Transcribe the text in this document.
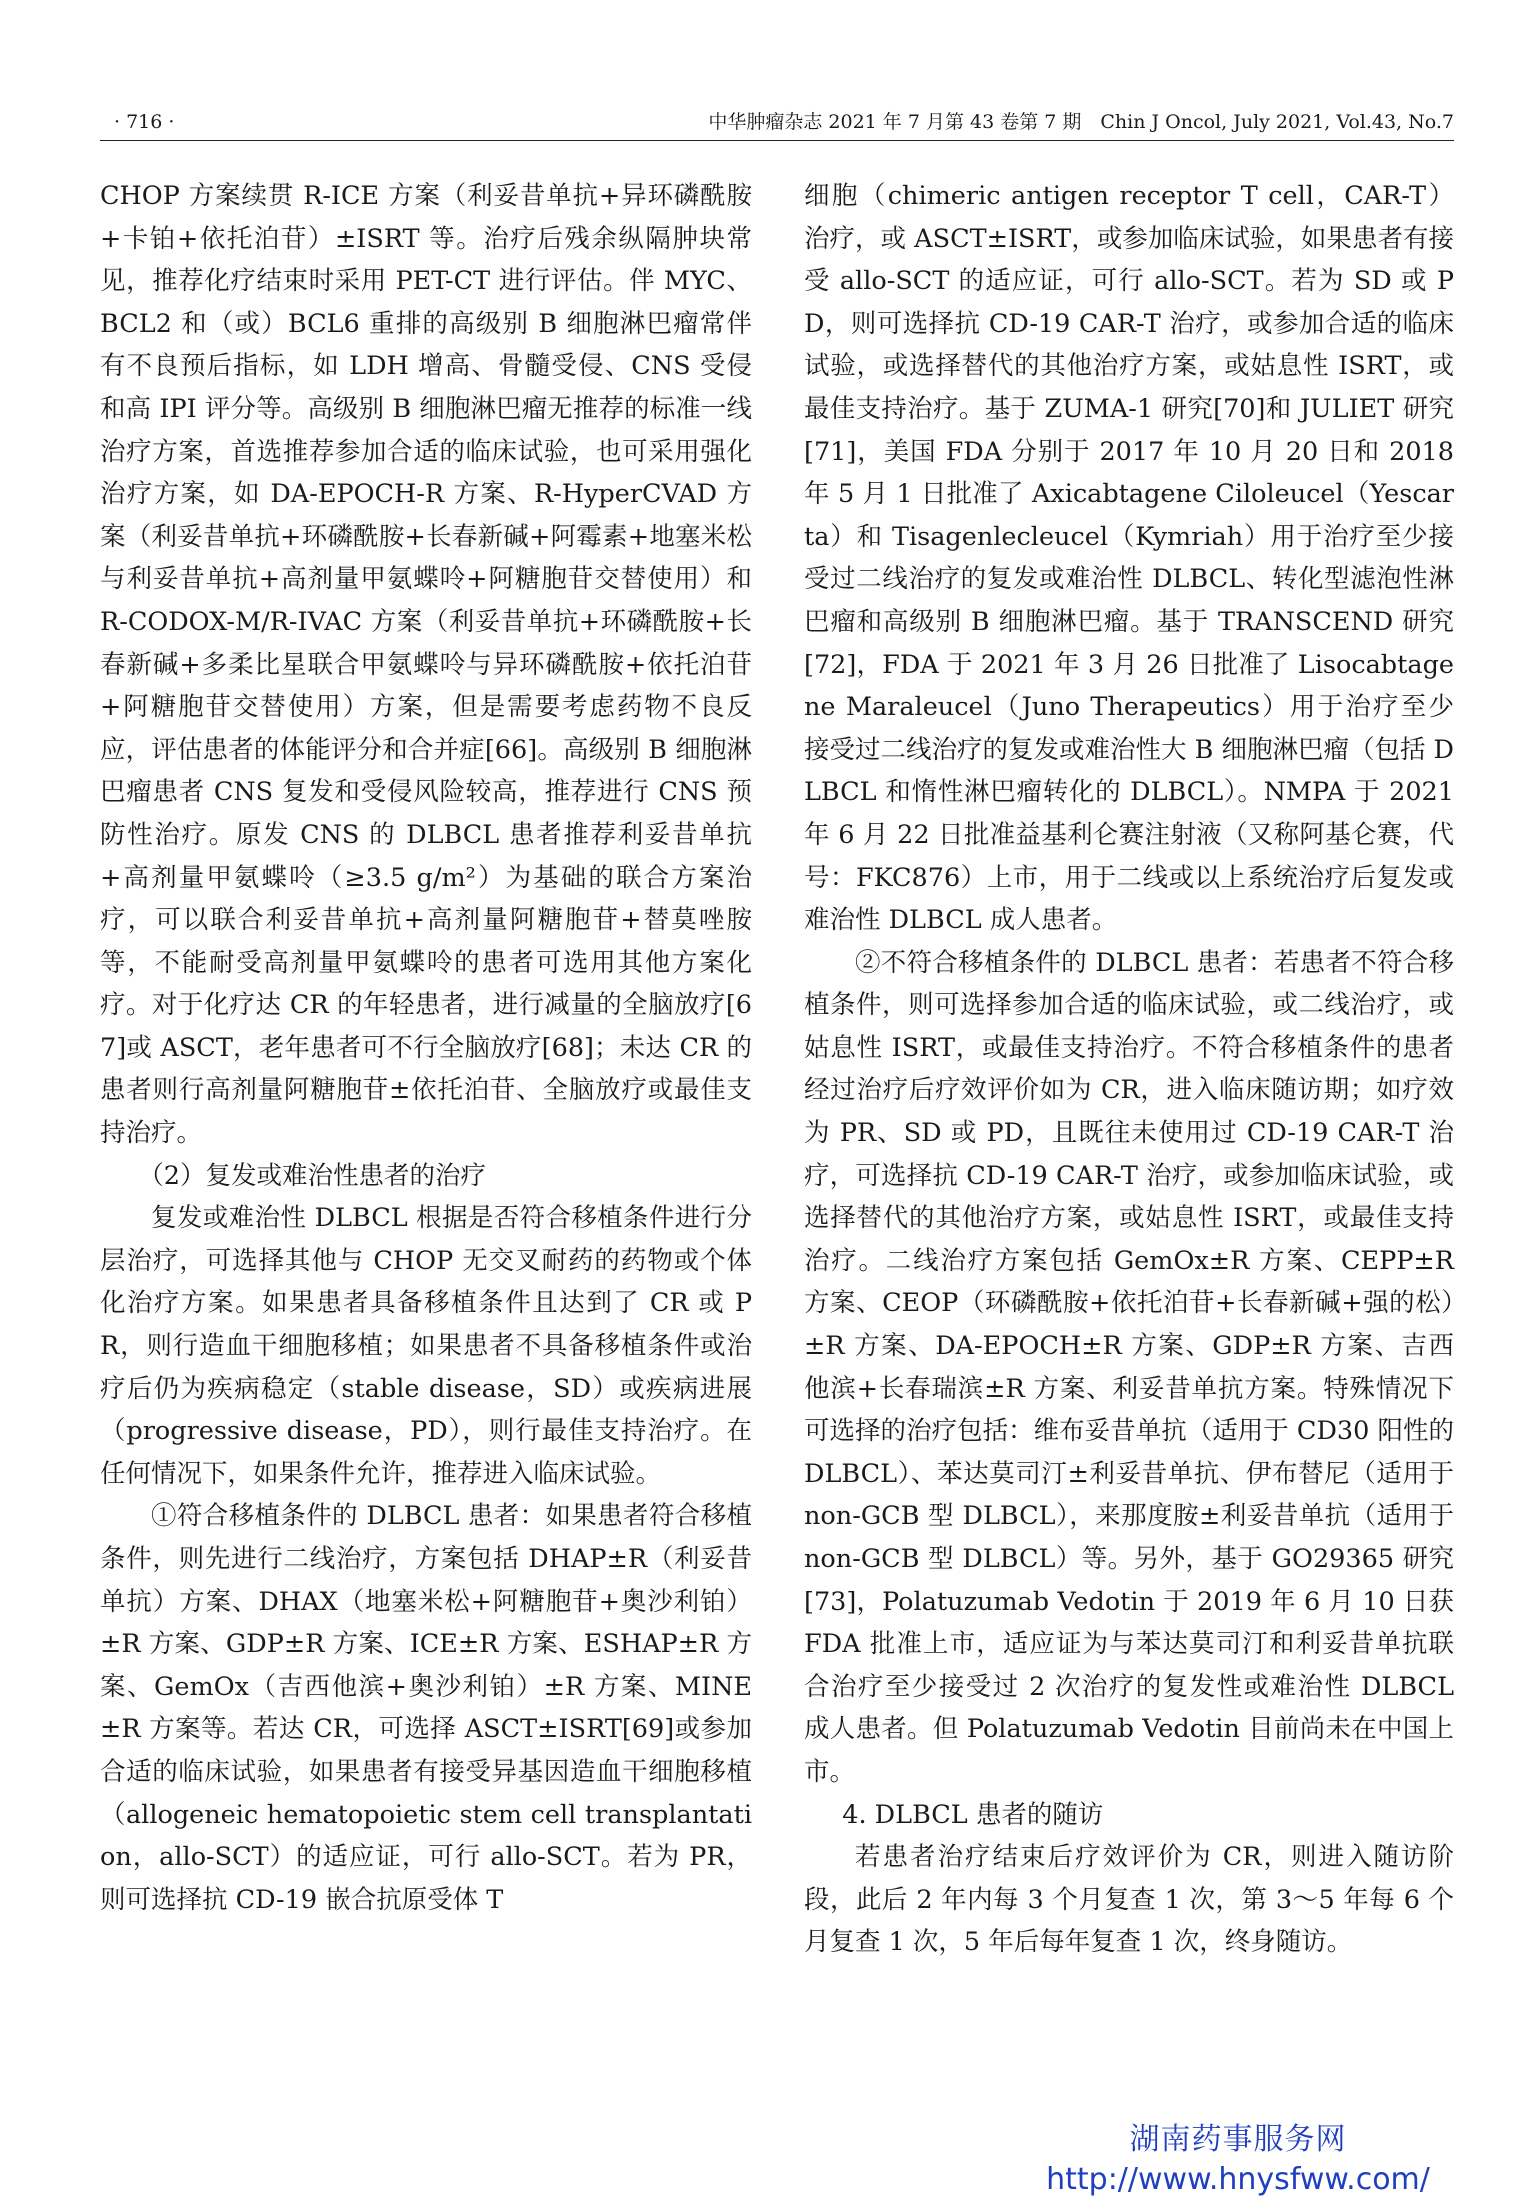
· 716 ·	中华肿瘤杂志 2021 年 7 月第 43 卷第 7 期　Chin J Oncol, July 2021, Vol.43, No.7

CHOP 方案续贯 R-ICE 方案（利妥昔单抗+异环磷酰胺+卡铂+依托泊苷）±ISRT 等。治疗后残余纵隔肿块常见，推荐化疗结束时采用 PET-CT 进行评估。伴 MYC、BCL2 和（或）BCL6 重排的高级别 B 细胞淋巴瘤常伴有不良预后指标，如 LDH 增高、骨髓受侵、CNS 受侵和高 IPI 评分等。高级别 B 细胞淋巴瘤无推荐的标准一线治疗方案，首选推荐参加合适的临床试验，也可采用强化治疗方案，如 DA-EPOCH-R 方案、R-HyperCVAD 方案（利妥昔单抗+环磷酰胺+长春新碱+阿霉素+地塞米松与利妥昔单抗+高剂量甲氨蝶呤+阿糖胞苷交替使用）和 R-CODOX-M/R-IVAC 方案（利妥昔单抗+环磷酰胺+长春新碱+多柔比星联合甲氨蝶呤与异环磷酰胺+依托泊苷+阿糖胞苷交替使用）方案，但是需要考虑药物不良反应，评估患者的体能评分和合并症[66]。高级别 B 细胞淋巴瘤患者 CNS 复发和受侵风险较高，推荐进行 CNS 预防性治疗。原发 CNS 的 DLBCL 患者推荐利妥昔单抗+高剂量甲氨蝶呤（≥3.5 g/m²）为基础的联合方案治疗，可以联合利妥昔单抗+高剂量阿糖胞苷+替莫唑胺等，不能耐受高剂量甲氨蝶呤的患者可选用其他方案化疗。对于化疗达 CR 的年轻患者，进行减量的全脑放疗[67]或 ASCT，老年患者可不行全脑放疗[68]；未达 CR 的患者则行高剂量阿糖胞苷±依托泊苷、全脑放疗或最佳支持治疗。

（2）复发或难治性患者的治疗

复发或难治性 DLBCL 根据是否符合移植条件进行分层治疗，可选择其他与 CHOP 无交叉耐药的药物或个体化治疗方案。如果患者具备移植条件且达到了 CR 或 PR，则行造血干细胞移植；如果患者不具备移植条件或治疗后仍为疾病稳定（stable disease，SD）或疾病进展（progressive disease，PD），则行最佳支持治疗。在任何情况下，如果条件允许，推荐进入临床试验。

①符合移植条件的 DLBCL 患者：如果患者符合移植条件，则先进行二线治疗，方案包括 DHAP±R（利妥昔单抗）方案、DHAX（地塞米松+阿糖胞苷+奥沙利铂）±R 方案、GDP±R 方案、ICE±R 方案、ESHAP±R 方案、GemOx（吉西他滨+奥沙利铂）±R 方案、MINE±R 方案等。若达 CR，可选择 ASCT±ISRT[69]或参加合适的临床试验，如果患者有接受异基因造血干细胞移植（allogeneic hematopoietic stem cell transplantation，allo-SCT）的适应证，可行 allo-SCT。若为 PR，则可选择抗 CD-19 嵌合抗原受体 T

细胞（chimeric antigen receptor T cell，CAR-T）治疗，或 ASCT±ISRT，或参加临床试验，如果患者有接受 allo-SCT 的适应证，可行 allo-SCT。若为 SD 或 PD，则可选择抗 CD-19 CAR-T 治疗，或参加合适的临床试验，或选择替代的其他治疗方案，或姑息性 ISRT，或最佳支持治疗。基于 ZUMA-1 研究[70]和 JULIET 研究[71]，美国 FDA 分别于 2017 年 10 月 20 日和 2018 年 5 月 1 日批准了 Axicabtagene Ciloleucel（Yescarta）和 Tisagenlecleucel（Kymriah）用于治疗至少接受过二线治疗的复发或难治性 DLBCL、转化型滤泡性淋巴瘤和高级别 B 细胞淋巴瘤。基于 TRANSCEND 研究[72]，FDA 于 2021 年 3 月 26 日批准了 Lisocabtagene Maraleucel（Juno Therapeutics）用于治疗至少接受过二线治疗的复发或难治性大 B 细胞淋巴瘤（包括 DLBCL 和惰性淋巴瘤转化的 DLBCL）。NMPA 于 2021 年 6 月 22 日批准益基利仑赛注射液（又称阿基仑赛，代号：FKC876）上市，用于二线或以上系统治疗后复发或难治性 DLBCL 成人患者。

②不符合移植条件的 DLBCL 患者：若患者不符合移植条件，则可选择参加合适的临床试验，或二线治疗，或姑息性 ISRT，或最佳支持治疗。不符合移植条件的患者经过治疗后疗效评价如为 CR，进入临床随访期；如疗效为 PR、SD 或 PD，且既往未使用过 CD-19 CAR-T 治疗，可选择抗 CD-19 CAR-T 治疗，或参加临床试验，或选择替代的其他治疗方案，或姑息性 ISRT，或最佳支持治疗。二线治疗方案包括 GemOx±R 方案、CEPP±R 方案、CEOP（环磷酰胺+依托泊苷+长春新碱+强的松）±R 方案、DA-EPOCH±R 方案、GDP±R 方案、吉西他滨+长春瑞滨±R 方案、利妥昔单抗方案。特殊情况下可选择的治疗包括：维布妥昔单抗（适用于 CD30 阳性的 DLBCL）、苯达莫司汀±利妥昔单抗、伊布替尼（适用于 non-GCB 型 DLBCL），来那度胺±利妥昔单抗（适用于 non-GCB 型 DLBCL）等。另外，基于 GO29365 研究[73]，Polatuzumab Vedotin 于 2019 年 6 月 10 日获 FDA 批准上市，适应证为与苯达莫司汀和利妥昔单抗联合治疗至少接受过 2 次治疗的复发性或难治性 DLBCL 成人患者。但 Polatuzumab Vedotin 目前尚未在中国上市。

4. DLBCL 患者的随访

若患者治疗结束后疗效评价为 CR，则进入随访阶段，此后 2 年内每 3 个月复查 1 次，第 3～5 年每 6 个月复查 1 次，5 年后每年复查 1 次，终身随访。

湖南药事服务网
http://www.hnysfww.com/
